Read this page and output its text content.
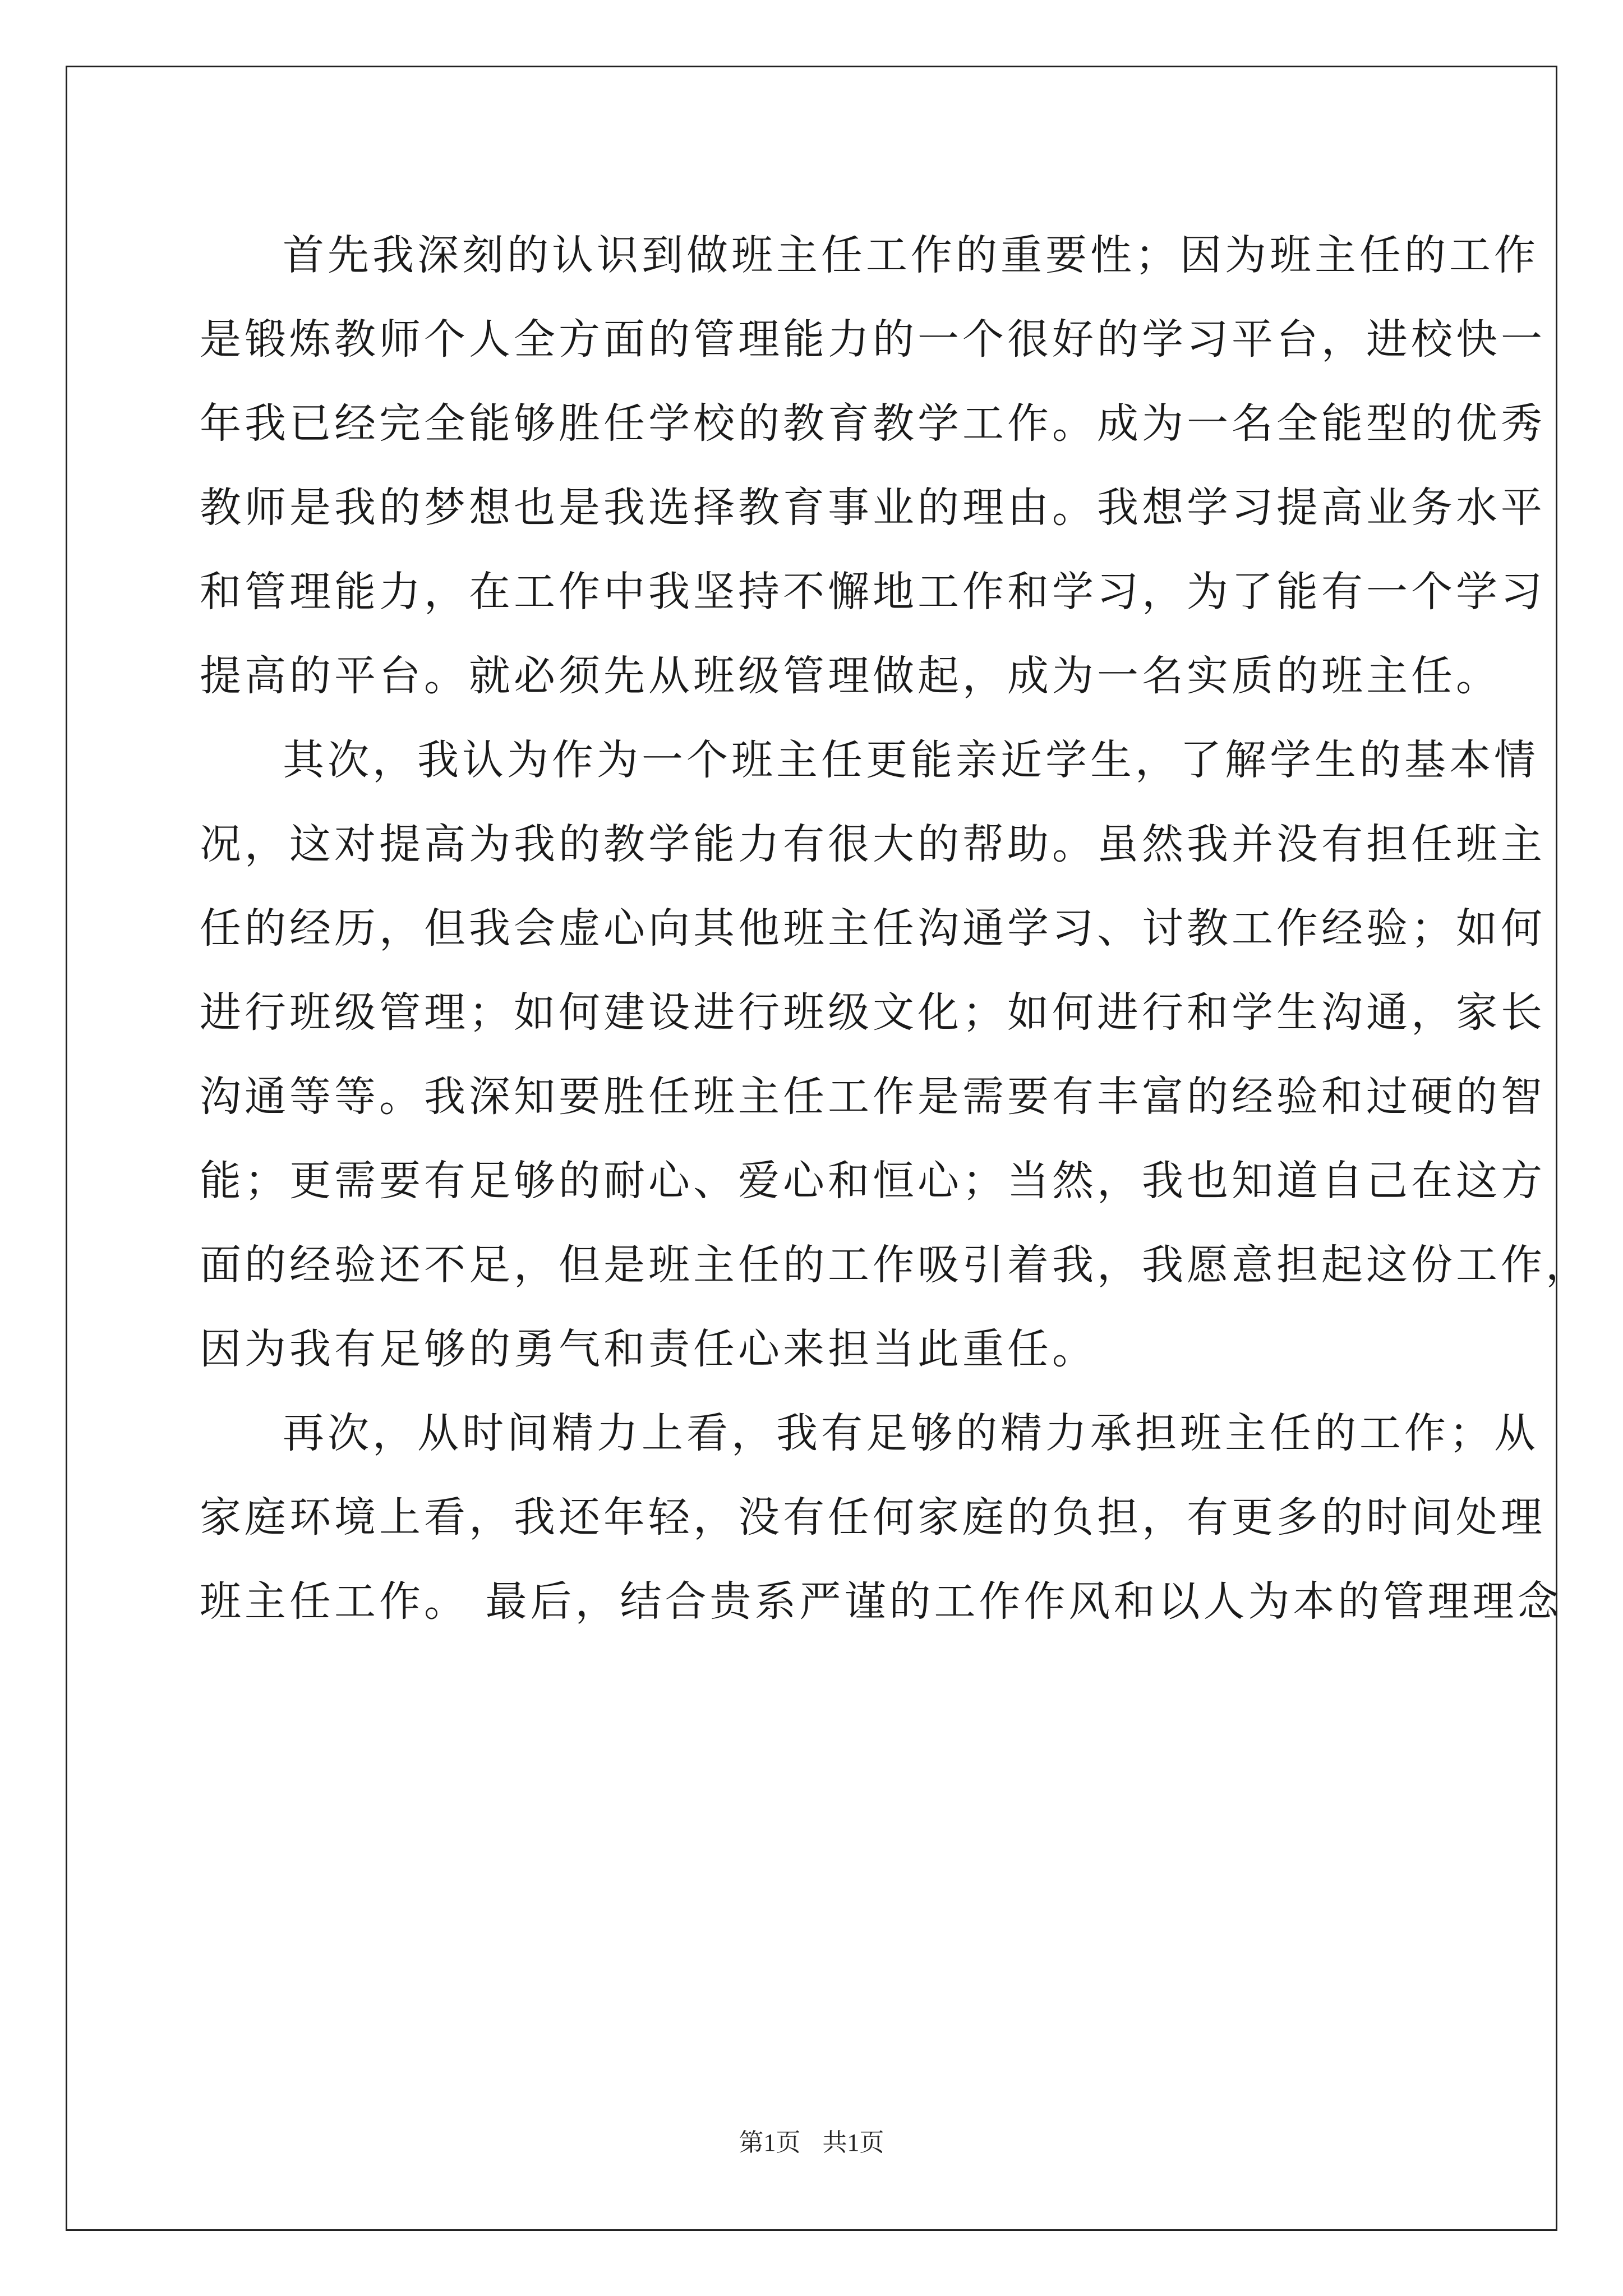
首先我深刻的认识到做班主任工作的重要性；因为班主任的工作
是锻炼教师个人全方面的管理能力的一个很好的学习平台，进校快一
年我已经完全能够胜任学校的教育教学工作。成为一名全能型的优秀
教师是我的梦想也是我选择教育事业的理由。我想学习提高业务水平
和管理能力，在工作中我坚持不懈地工作和学习，为了能有一个学习
提高的平台。就必须先从班级管理做起，成为一名实质的班主任。
其次，我认为作为一个班主任更能亲近学生，了解学生的基本情
况，这对提高为我的教学能力有很大的帮助。虽然我并没有担任班主
任的经历，但我会虚心向其他班主任沟通学习、讨教工作经验；如何
进行班级管理；如何建设进行班级文化；如何进行和学生沟通，家长
沟通等等。我深知要胜任班主任工作是需要有丰富的经验和过硬的智
能；更需要有足够的耐心、爱心和恒心；当然，我也知道自己在这方
面的经验还不足，但是班主任的工作吸引着我，我愿意担起这份工作，
因为我有足够的勇气和责任心来担当此重任。
再次，从时间精力上看，我有足够的精力承担班主任的工作；从
家庭环境上看，我还年轻，没有任何家庭的负担，有更多的时间处理
班主任工作。 最后，结合贵系严谨的工作作风和以人为本的管理理念
第1页 共1页
